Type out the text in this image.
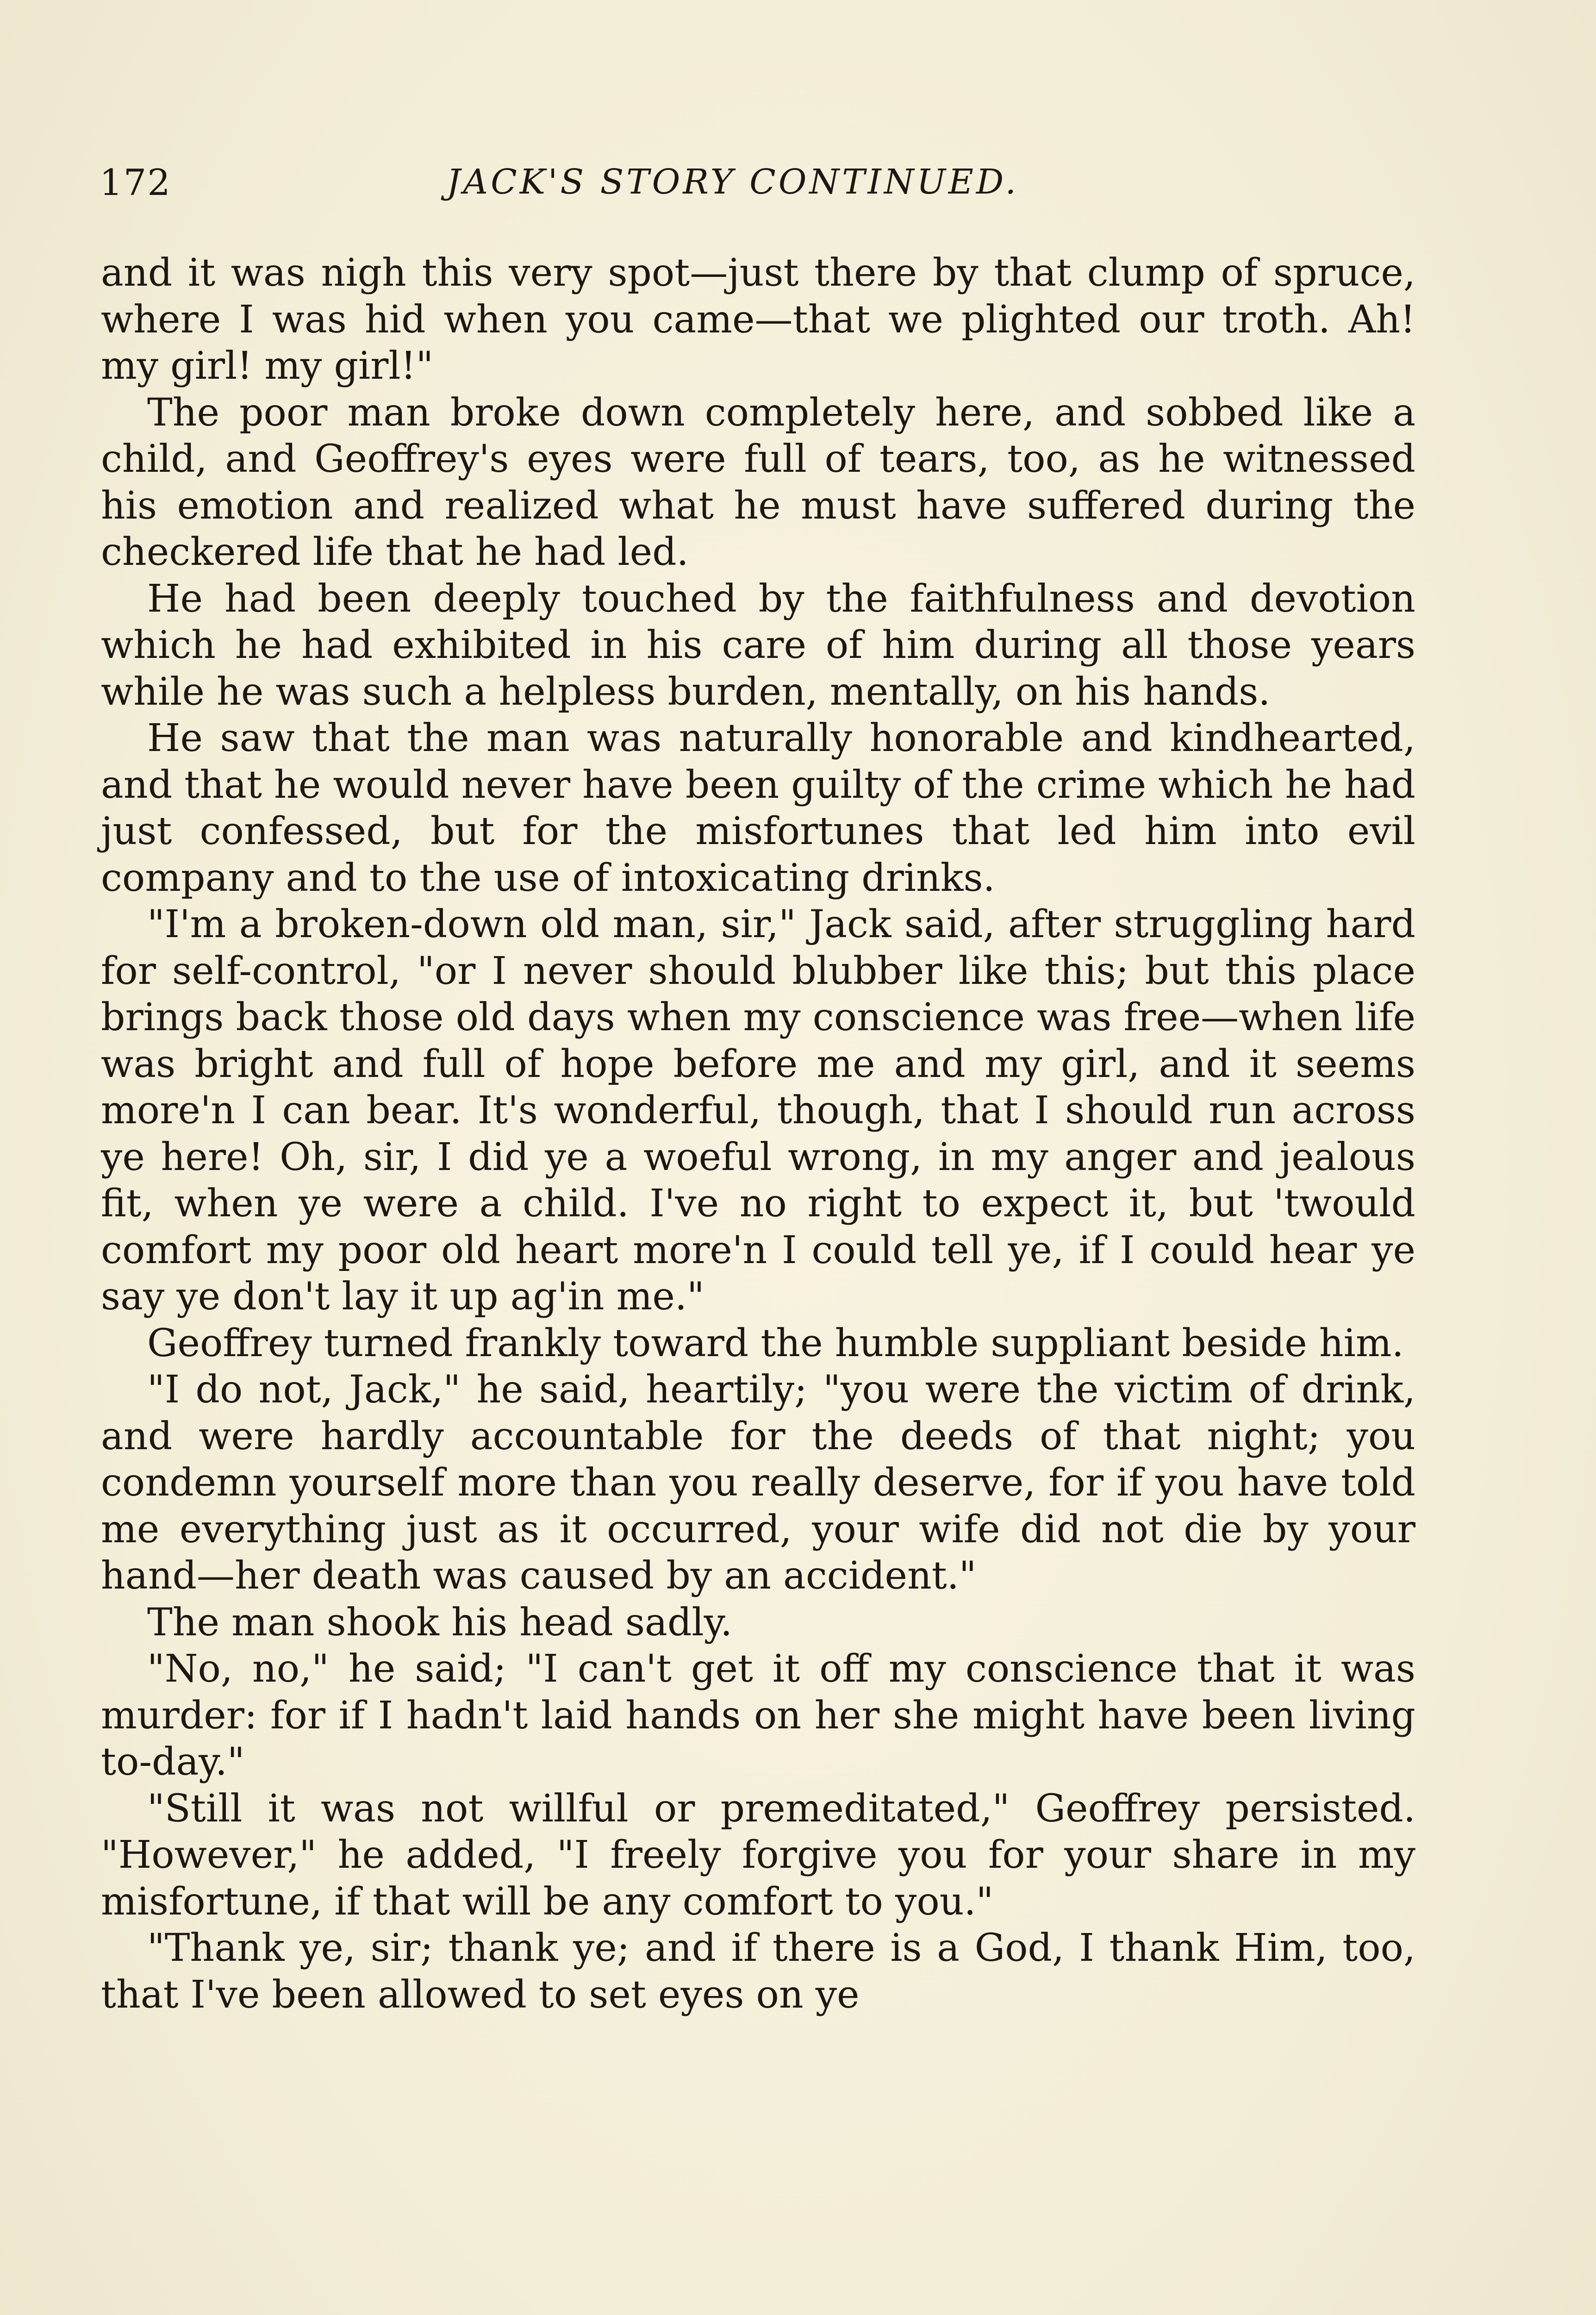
172	JACK'S STORY CONTINUED.

and it was nigh this very spot—just there by that clump of spruce, where I was hid when you came—that we plighted our troth. Ah! my girl! my girl!"

The poor man broke down completely here, and sobbed like a child, and Geoffrey's eyes were full of tears, too, as he witnessed his emotion and realized what he must have suffered during the checkered life that he had led.

He had been deeply touched by the faithfulness and devotion which he had exhibited in his care of him during all those years while he was such a helpless burden, mentally, on his hands.

He saw that the man was naturally honorable and kindhearted, and that he would never have been guilty of the crime which he had just confessed, but for the misfortunes that led him into evil company and to the use of intoxicating drinks.

"I'm a broken-down old man, sir," Jack said, after struggling hard for self-control, "or I never should blubber like this; but this place brings back those old days when my conscience was free—when life was bright and full of hope before me and my girl, and it seems more'n I can bear. It's wonderful, though, that I should run across ye here! Oh, sir, I did ye a woeful wrong, in my anger and jealous fit, when ye were a child. I've no right to expect it, but 'twould comfort my poor old heart more'n I could tell ye, if I could hear ye say ye don't lay it up ag'in me."

Geoffrey turned frankly toward the humble suppliant beside him.

"I do not, Jack," he said, heartily; "you were the victim of drink, and were hardly accountable for the deeds of that night; you condemn yourself more than you really deserve, for if you have told me everything just as it occurred, your wife did not die by your hand—her death was caused by an accident."

The man shook his head sadly.

"No, no," he said; "I can't get it off my conscience that it was murder: for if I hadn't laid hands on her she might have been living to-day."

"Still it was not willful or premeditated," Geoffrey persisted. "However," he added, "I freely forgive you for your share in my misfortune, if that will be any comfort to you."

"Thank ye, sir; thank ye; and if there is a God, I thank Him, too, that I've been allowed to set eyes on ye
